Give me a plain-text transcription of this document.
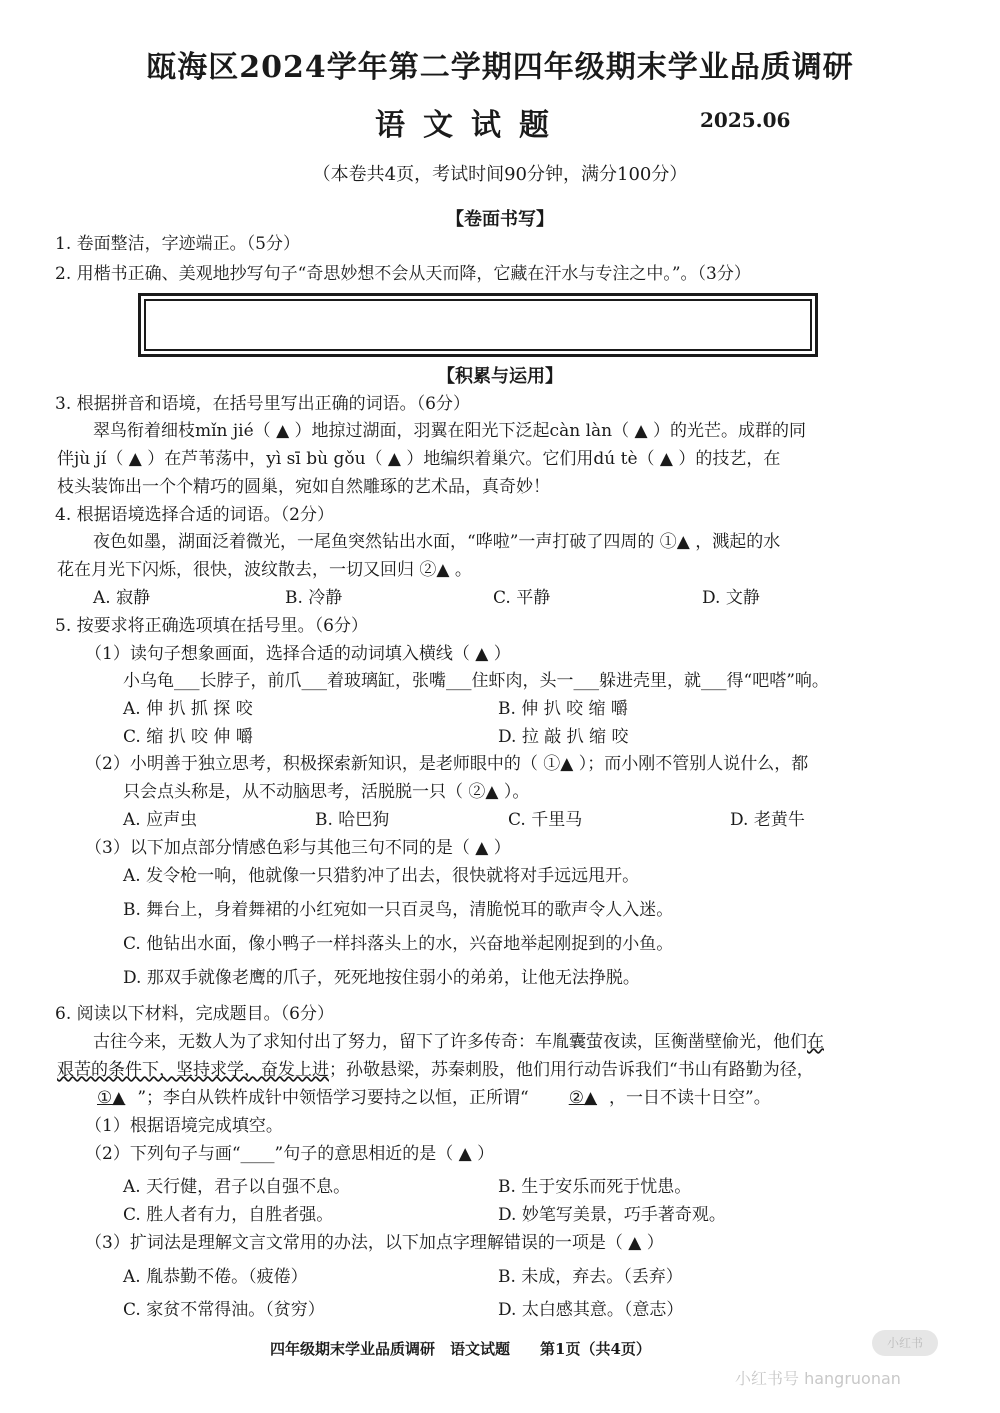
瓯海区2024学年第二学期四年级期末学业品质调研
语文试题	2025.06
（本卷共4页，考试时间90分钟，满分100分）
【卷面书写】
1. 卷面整洁，字迹端正。（5分）
2. 用楷书正确、美观地抄写句子“奇思妙想不会从天而降，它藏在汗水与专注之中。”。（3分）
【积累与运用】
3. 根据拼音和语境，在括号里写出正确的词语。（6分）
翠鸟衔着细枝mǐn jié（ ▲ ）地掠过湖面，羽翼在阳光下泛起càn làn（ ▲ ）的光芒。成群的同
伴jù jí（ ▲ ）在芦苇荡中，yì sī bù gǒu（ ▲ ）地编织着巢穴。它们用dú tè（ ▲ ）的技艺，在
枝头装饰出一个个精巧的圆巢，宛如自然雕琢的艺术品，真奇妙！
4. 根据语境选择合适的词语。（2分）
夜色如墨，湖面泛着微光，一尾鱼突然钻出水面，“哗啦”一声打破了四周的 ①▲ ，溅起的水
花在月光下闪烁，很快，波纹散去，一切又回归 ②▲ 。
A. 寂静	B. 冷静	C. 平静	D. 文静
5. 按要求将正确选项填在括号里。（6分）
（1）读句子想象画面，选择合适的动词填入横线（ ▲ ）
小乌龟___长脖子，前爪___着玻璃缸，张嘴___住虾肉，头一___躲进壳里，就___得“吧嗒”响。
A. 伸 扒 抓 探 咬	B. 伸 扒 咬 缩 嚼
C. 缩 扒 咬 伸 嚼	D. 拉 敲 扒 缩 咬
（2）小明善于独立思考，积极探索新知识，是老师眼中的（ ①▲ ）；而小刚不管别人说什么，都
只会点头称是，从不动脑思考，活脱脱一只（ ②▲ ）。
A. 应声虫	B. 哈巴狗	C. 千里马	D. 老黄牛
（3）以下加点部分情感色彩与其他三句不同的是（ ▲ ）
A. 发令枪一响，他就像一只猎豹冲了出去，很快就将对手远远甩开。
B. 舞台上，身着舞裙的小红宛如一只百灵鸟，清脆悦耳的歌声令人入迷。
C. 他钻出水面，像小鸭子一样抖落头上的水，兴奋地举起刚捉到的小鱼。
D. 那双手就像老鹰的爪子，死死地按住弱小的弟弟，让他无法挣脱。
6. 阅读以下材料，完成题目。（6分）
古往今来，无数人为了求知付出了努力，留下了许多传奇：车胤囊萤夜读，匡衡凿壁偷光，他们在
艰苦的条件下，坚持求学，奋发上进；孙敬悬梁，苏秦刺股，他们用行动告诉我们“书山有路勤为径，
①▲ ”；李白从铁杵成针中领悟学习要持之以恒，正所谓“ ②▲ ，一日不读十日空”。
（1）根据语境完成填空。
（2）下列句子与画“____”句子的意思相近的是（ ▲ ）
A. 天行健，君子以自强不息。	B. 生于安乐而死于忧患。
C. 胜人者有力，自胜者强。	D. 妙笔写美景，巧手著奇观。
（3）扩词法是理解文言文常用的办法，以下加点字理解错误的一项是（ ▲ ）
A. 胤恭勤不倦。（疲倦）	B. 未成，弃去。（丢弃）
C. 家贫不常得油。（贫穷）	D. 太白感其意。（意志）
四年级期末学业品质调研　语文试题　　第1页（共4页）	小红书
小红书号 hangruonan
